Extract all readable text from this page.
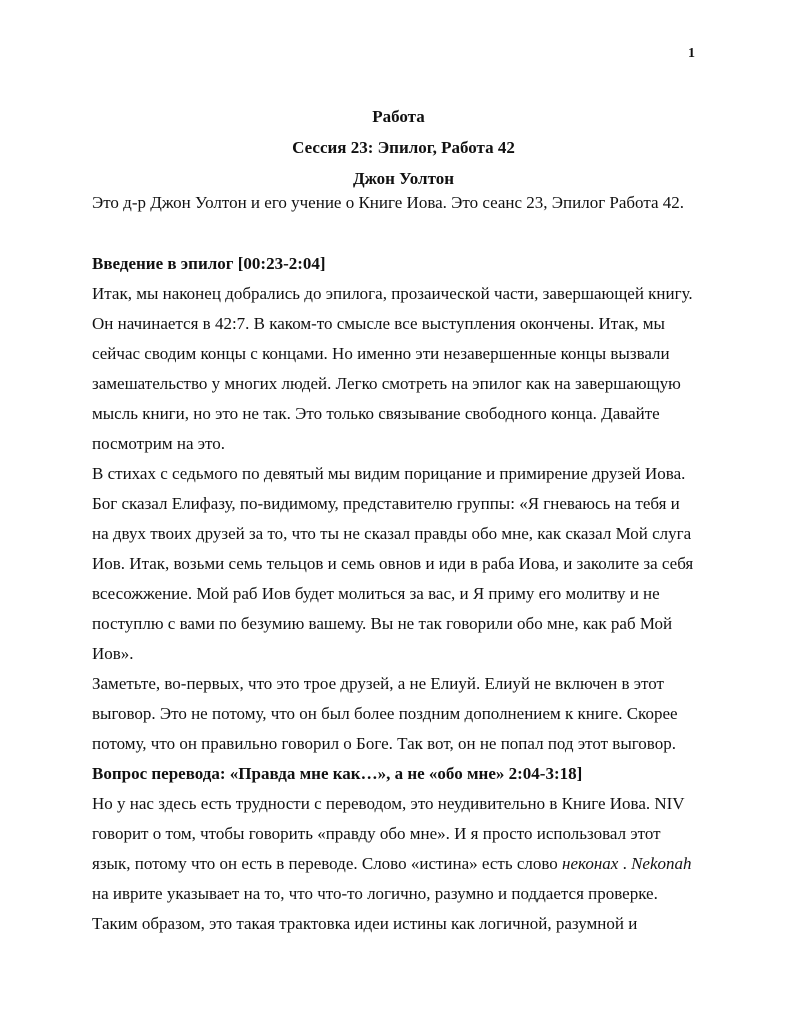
1
Работа
Сессия 23: Эпилог, Работа 42
Джон Уолтон
Это д-р Джон Уолтон и его учение о Книге Иова. Это сеанс 23, Эпилог Работа 42.
Введение в эпилог [00:23-2:04]
Итак, мы наконец добрались до эпилога, прозаической части, завершающей книгу.
Он начинается в 42:7. В каком-то смысле все выступления окончены. Итак, мы
сейчас сводим концы с концами. Но именно эти незавершенные концы вызвали
замешательство у многих людей. Легко смотреть на эпилог как на завершающую
мысль книги, но это не так. Это только связывание свободного конца. Давайте
посмотрим на это.
В стихах с седьмого по девятый мы видим порицание и примирение друзей Иова.
Бог сказал Елифазу, по-видимому, представителю группы: «Я гневаюсь на тебя и
на двух твоих друзей за то, что ты не сказал правды обо мне, как сказал Мой слуга
Иов. Итак, возьми семь тельцов и семь овнов и иди в раба Иова, и заколите за себя
всесожжение. Мой раб Иов будет молиться за вас, и Я приму его молитву и не
поступлю с вами по безумию вашему. Вы не так говорили обо мне, как раб Мой
Иов».
Заметьте, во-первых, что это трое друзей, а не Елиуй. Елиуй не включен в этот
выговор. Это не потому, что он был более поздним дополнением к книге. Скорее
потому, что он правильно говорил о Боге. Так вот, он не попал под этот выговор.
Вопрос перевода: «Правда мне как…», а не «обо мне» 2:04-3:18]
Но у нас здесь есть трудности с переводом, это неудивительно в Книге Иова. NIV
говорит о том, чтобы говорить «правду обо мне». И я просто использовал этот
язык, потому что он есть в переводе. Слово «истина» есть слово неконах . Nekonah
на иврите указывает на то, что что-то логично, разумно и поддается проверке.
Таким образом, это такая трактовка идеи истины как логичной, разумной и
